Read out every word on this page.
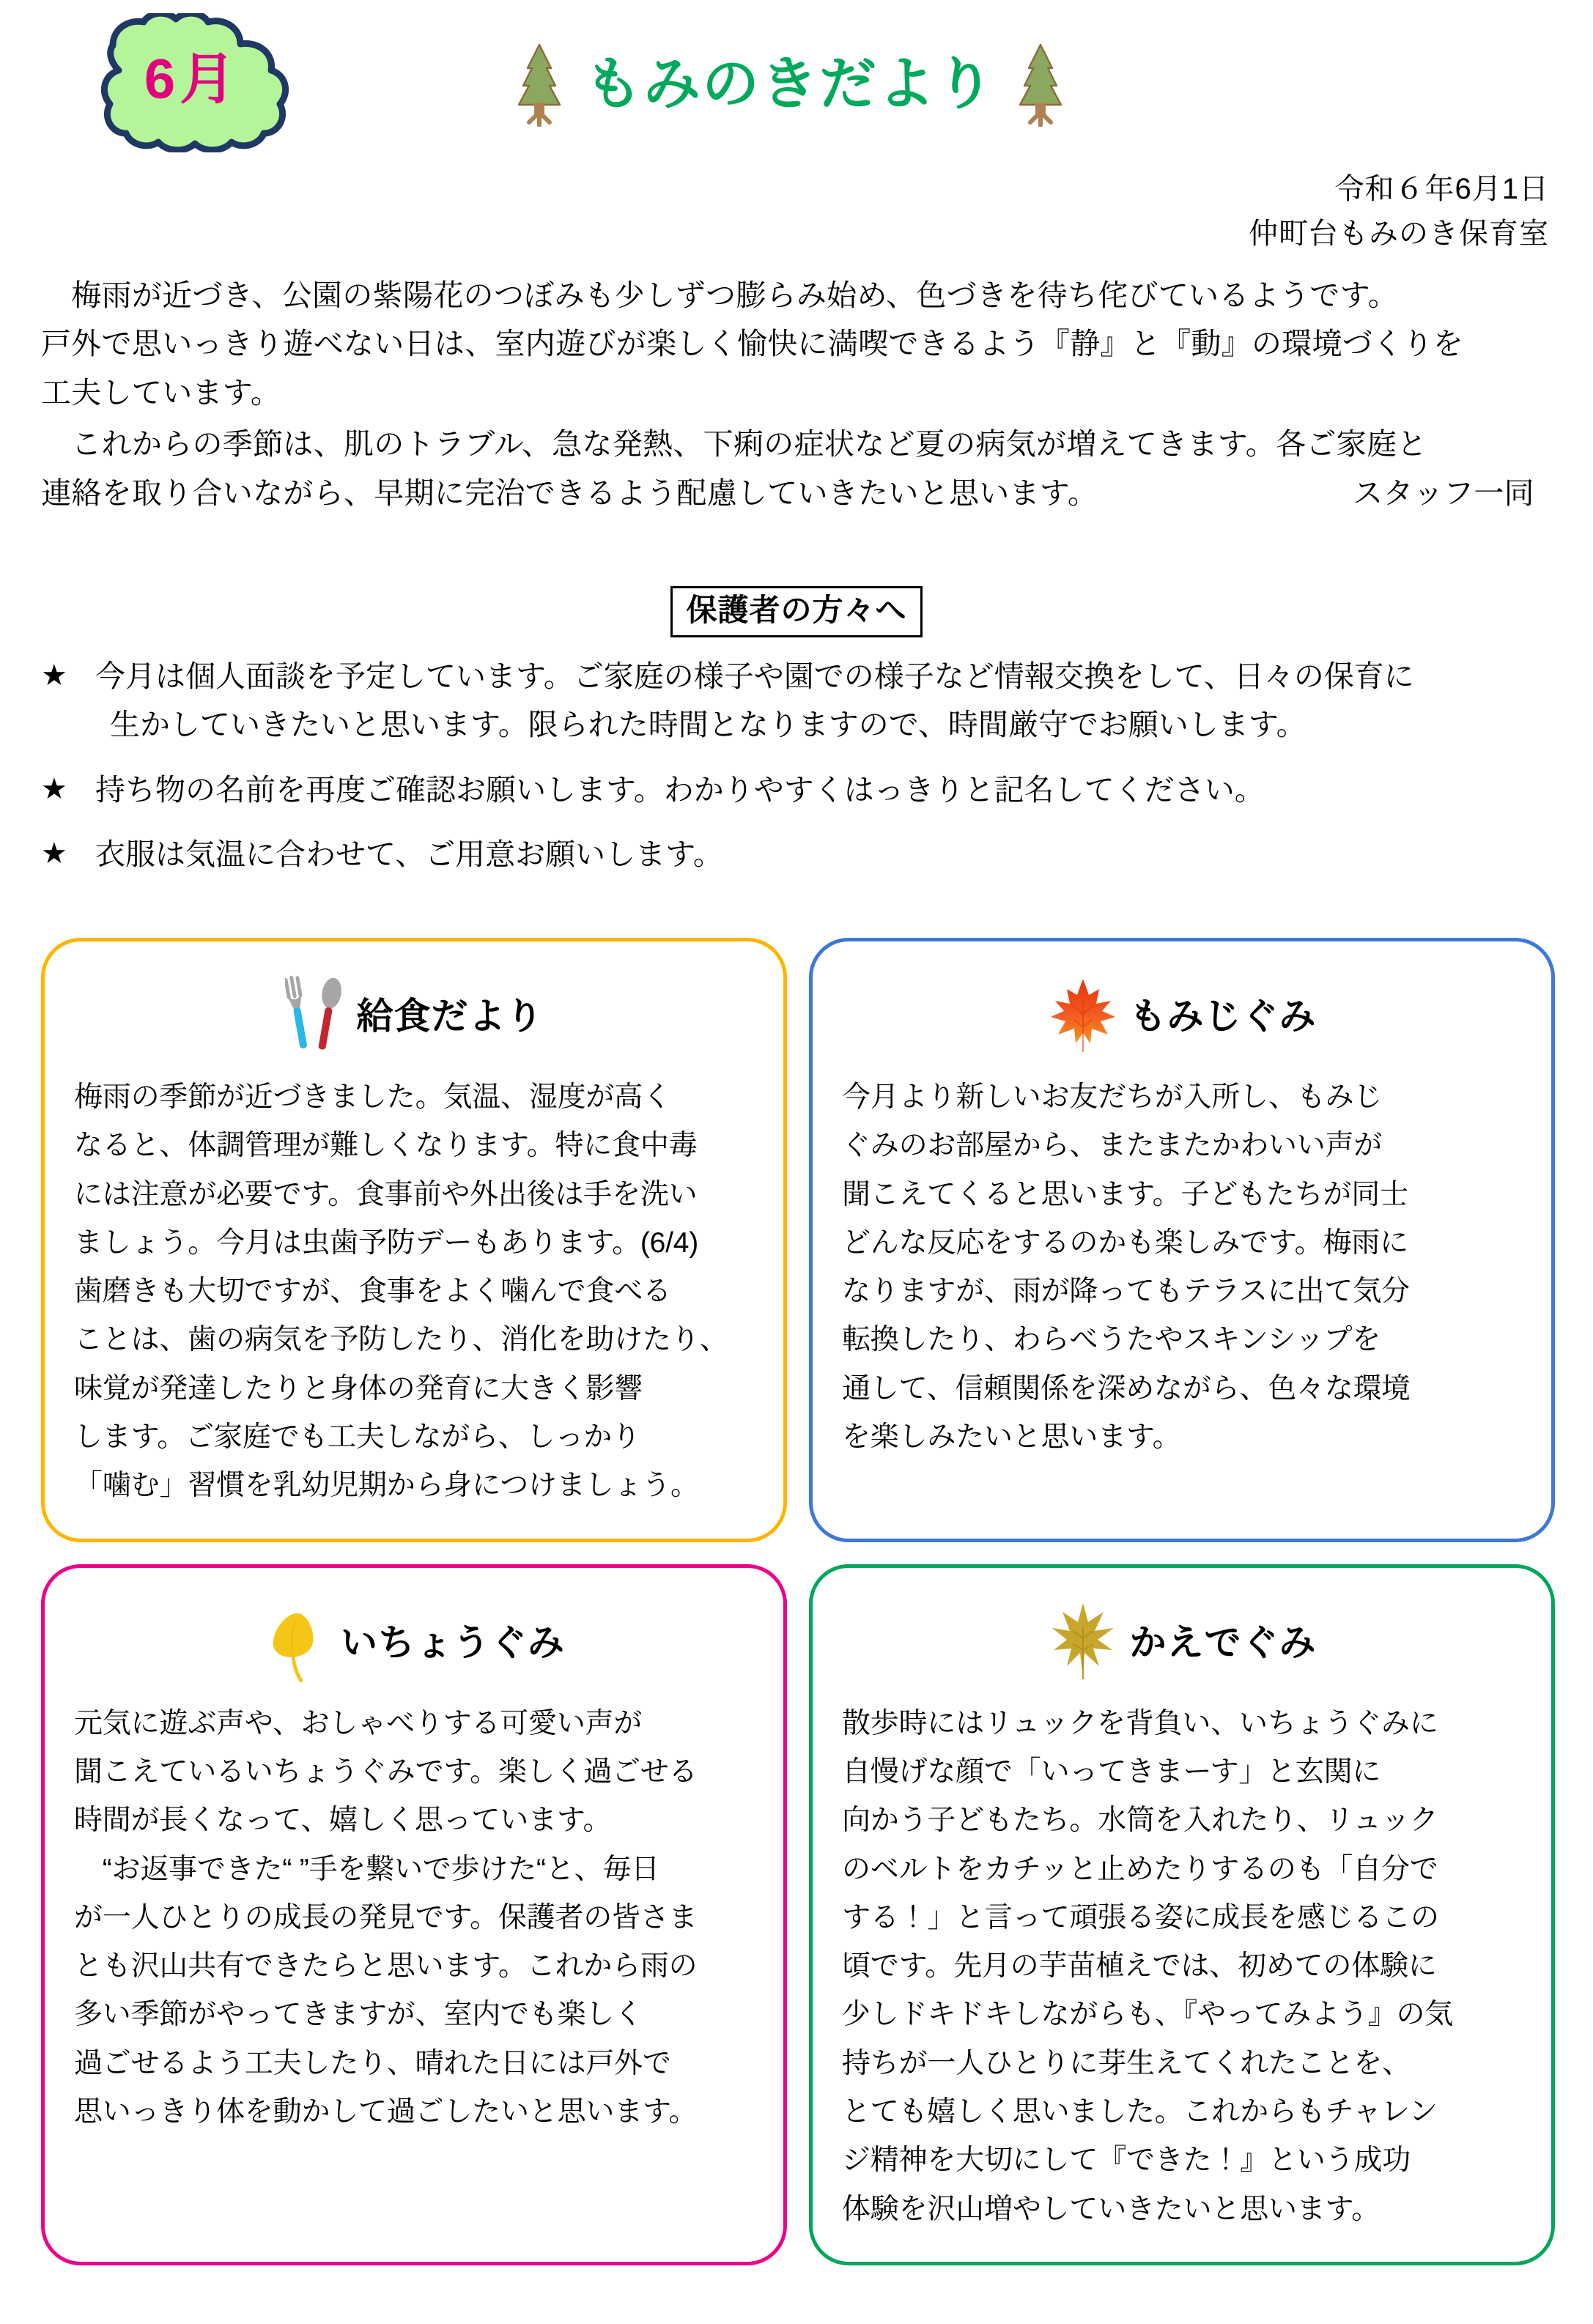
6月	もみのきだより
令和６年6月1日
仲町台もみのき保育室

　梅雨が近づき、公園の紫陽花のつぼみも少しずつ膨らみ始め、色づきを待ち侘びているようです。
戸外で思いっきり遊べない日は、室内遊びが楽しく愉快に満喫できるよう『静』と『動』の環境づくりを
工夫しています。

　これからの季節は、肌のトラブル、急な発熱、下痢の症状など夏の病気が増えてきます。各ご家庭と
連絡を取り合いながら、早期に完治できるよう配慮していきたいと思います。	スタッフ一同

保護者の方々へ
★ 今月は個人面談を予定しています。ご家庭の様子や園での様子など情報交換をして、日々の保育に
生かしていきたいと思います。限られた時間となりますので、時間厳守でお願いします。
★ 持ち物の名前を再度ご確認お願いします。わかりやすくはっきりと記名してください。
★ 衣服は気温に合わせて、ご用意お願いします。
給食だより
梅雨の季節が近づきました。気温、湿度が高く
なると、体調管理が難しくなります。特に食中毒
には注意が必要です。食事前や外出後は手を洗い
ましょう。今月は虫歯予防デーもあります。(6/4)
歯磨きも大切ですが、食事をよく噛んで食べる
ことは、歯の病気を予防したり、消化を助けたり、
味覚が発達したりと身体の発育に大きく影響
します。ご家庭でも工夫しながら、しっかり
「噛む」習慣を乳幼児期から身につけましょう。
もみじぐみ
今月より新しいお友だちが入所し、もみじ
ぐみのお部屋から、またまたかわいい声が
聞こえてくると思います。子どもたちが同士
どんな反応をするのかも楽しみです。梅雨に
なりますが、雨が降ってもテラスに出て気分
転換したり、わらべうたやスキンシップを
通して、信頼関係を深めながら、色々な環境
を楽しみたいと思います。
いちょうぐみ
元気に遊ぶ声や、おしゃべりする可愛い声が
聞こえているいちょうぐみです。楽しく過ごせる
時間が長くなって、嬉しく思っています。
　“お返事できた“ ”手を繋いで歩けた“と、毎日
が一人ひとりの成長の発見です。保護者の皆さま
とも沢山共有できたらと思います。これから雨の
多い季節がやってきますが、室内でも楽しく
過ごせるよう工夫したり、晴れた日には戸外で
思いっきり体を動かして過ごしたいと思います。
かえでぐみ
散歩時にはリュックを背負い、いちょうぐみに
自慢げな顔で「いってきまーす」と玄関に
向かう子どもたち。水筒を入れたり、リュック
のベルトをカチッと止めたりするのも「自分で
する！」と言って頑張る姿に成長を感じるこの
頃です。先月の芋苗植えでは、初めての体験に
少しドキドキしながらも、『やってみよう』の気
持ちが一人ひとりに芽生えてくれたことを、
とても嬉しく思いました。これからもチャレン
ジ精神を大切にして『できた！』という成功
体験を沢山増やしていきたいと思います。
